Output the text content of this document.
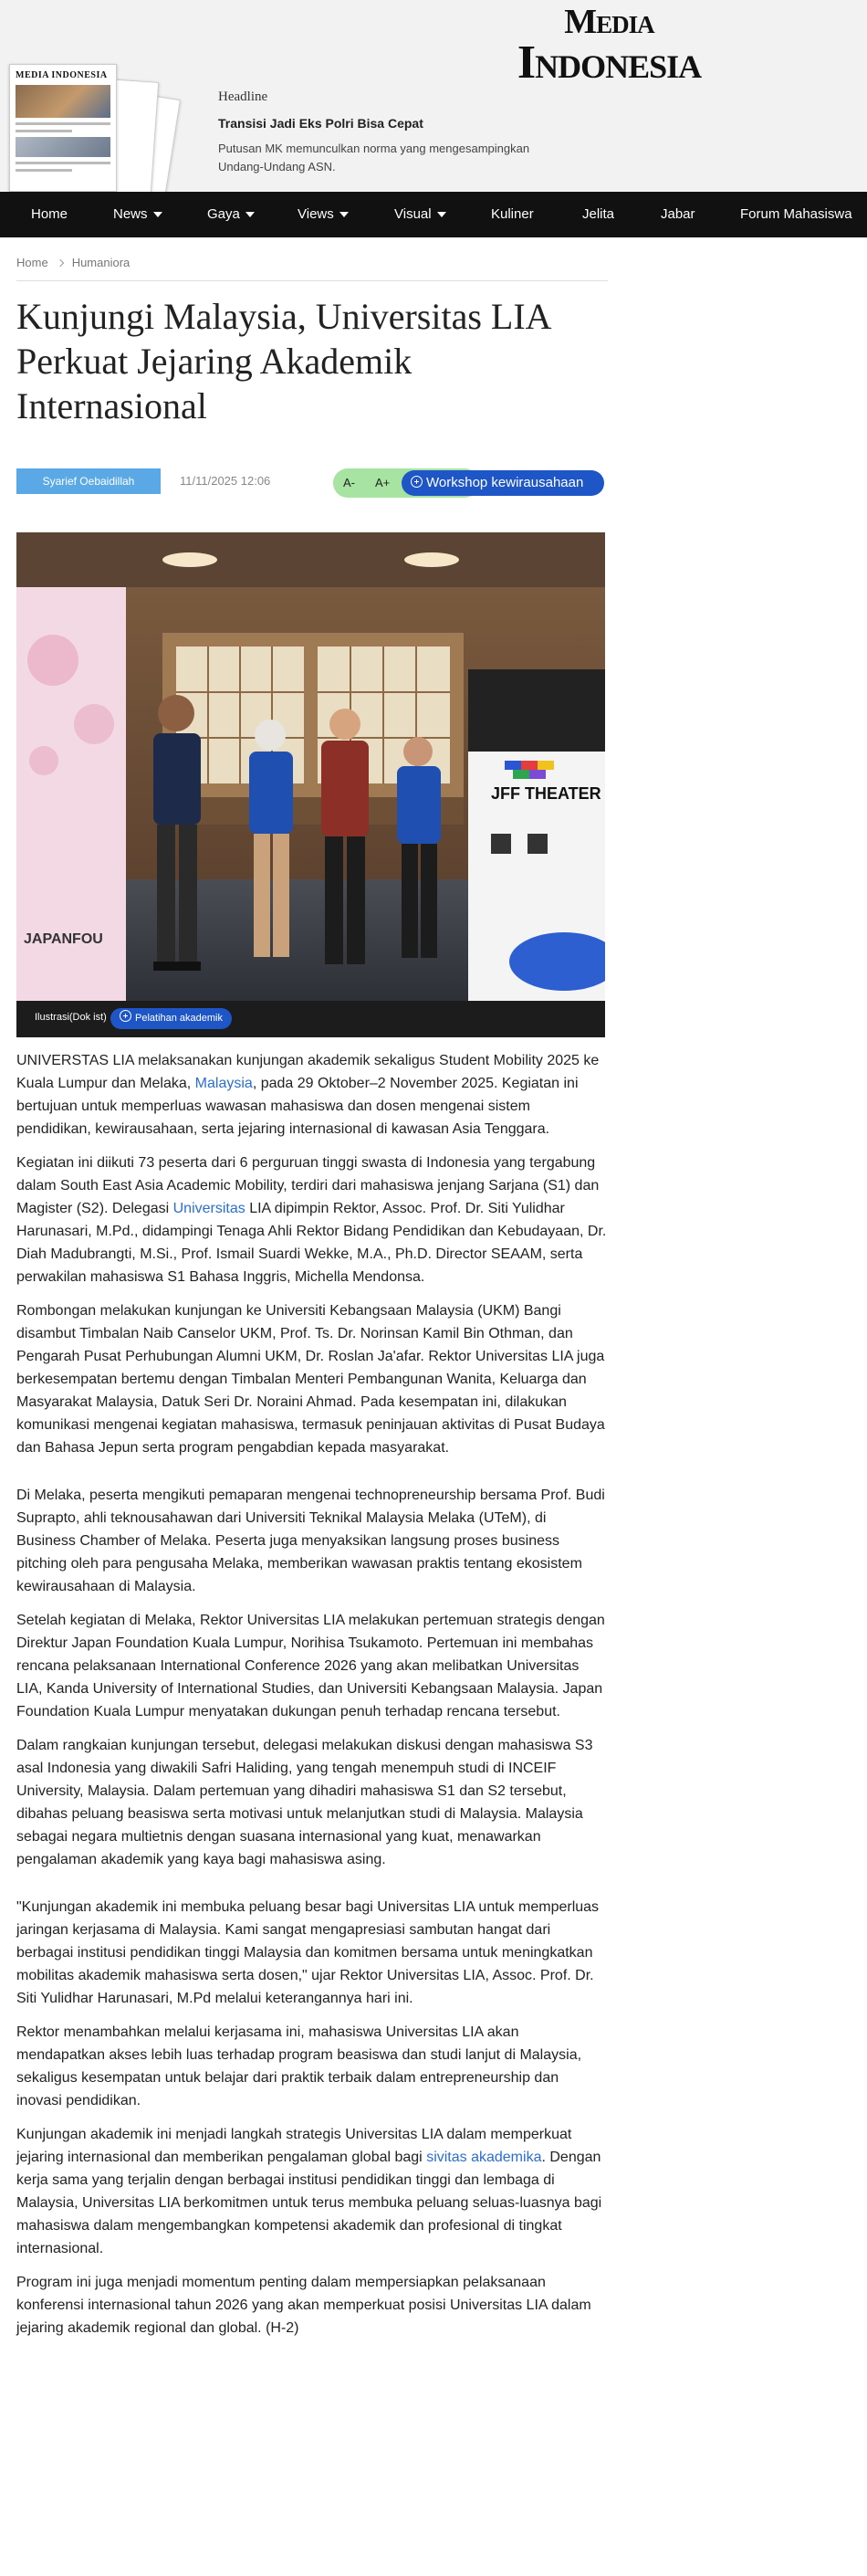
MEDIA INDONESIA
Headline
Transisi Jadi Eks Polri Bisa Cepat
Putusan MK memunculkan norma yang mengesampingkan Undang-Undang ASN.
Media
Indonesia
Home	News	Gaya	Views	Visual	Kuliner	Jelita	Jabar	Forum Mahasiswa
Home Humaniora
Kunjungi Malaysia, Universitas LIA Perkuat Jejaring Akademik Internasional
Syarief Oebaidillah	11/11/2025 12:06	A- A+	Workshop kewirausahaan
JAPANFOU
JFF THEATER
Ilustrasi(Dok ist)	Pelatihan akademik

UNIVERSTAS LIA melaksanakan kunjungan akademik sekaligus Student Mobility 2025 ke Kuala Lumpur dan Melaka, Malaysia, pada 29 Oktober–2 November 2025. Kegiatan ini bertujuan untuk memperluas wawasan mahasiswa dan dosen mengenai sistem pendidikan, kewirausahaan, serta jejaring internasional di kawasan Asia Tenggara.

Kegiatan ini diikuti 73 peserta dari 6 perguruan tinggi swasta di Indonesia yang tergabung dalam South East Asia Academic Mobility, terdiri dari mahasiswa jenjang Sarjana (S1) dan Magister (S2). Delegasi Universitas LIA dipimpin Rektor, Assoc. Prof. Dr. Siti Yulidhar Harunasari, M.Pd., didampingi Tenaga Ahli Rektor Bidang Pendidikan dan Kebudayaan, Dr. Diah Madubrangti, M.Si., Prof. Ismail Suardi Wekke, M.A., Ph.D. Director SEAAM, serta perwakilan mahasiswa S1 Bahasa Inggris, Michella Mendonsa.

Rombongan melakukan kunjungan ke Universiti Kebangsaan Malaysia (UKM) Bangi disambut Timbalan Naib Canselor UKM, Prof. Ts. Dr. Norinsan Kamil Bin Othman, dan Pengarah Pusat Perhubungan Alumni UKM, Dr. Roslan Ja'afar. Rektor Universitas LIA juga berkesempatan bertemu dengan Timbalan Menteri Pembangunan Wanita, Keluarga dan Masyarakat Malaysia, Datuk Seri Dr. Noraini Ahmad. Pada kesempatan ini, dilakukan komunikasi mengenai kegiatan mahasiswa, termasuk peninjauan aktivitas di Pusat Budaya dan Bahasa Jepun serta program pengabdian kepada masyarakat.

Di Melaka, peserta mengikuti pemaparan mengenai technopreneurship bersama Prof. Budi Suprapto, ahli teknousahawan dari Universiti Teknikal Malaysia Melaka (UTeM), di Business Chamber of Melaka. Peserta juga menyaksikan langsung proses business pitching oleh para pengusaha Melaka, memberikan wawasan praktis tentang ekosistem kewirausahaan di Malaysia.

Setelah kegiatan di Melaka, Rektor Universitas LIA melakukan pertemuan strategis dengan Direktur Japan Foundation Kuala Lumpur, Norihisa Tsukamoto. Pertemuan ini membahas rencana pelaksanaan International Conference 2026 yang akan melibatkan Universitas LIA, Kanda University of International Studies, dan Universiti Kebangsaan Malaysia. Japan Foundation Kuala Lumpur menyatakan dukungan penuh terhadap rencana tersebut.

Dalam rangkaian kunjungan tersebut, delegasi melakukan diskusi dengan mahasiswa S3 asal Indonesia yang diwakili Safri Haliding, yang tengah menempuh studi di INCEIF University, Malaysia. Dalam pertemuan yang dihadiri mahasiswa S1 dan S2 tersebut, dibahas peluang beasiswa serta motivasi untuk melanjutkan studi di Malaysia. Malaysia sebagai negara multietnis dengan suasana internasional yang kuat, menawarkan pengalaman akademik yang kaya bagi mahasiswa asing.

"Kunjungan akademik ini membuka peluang besar bagi Universitas LIA untuk memperluas jaringan kerjasama di Malaysia. Kami sangat mengapresiasi sambutan hangat dari berbagai institusi pendidikan tinggi Malaysia dan komitmen bersama untuk meningkatkan mobilitas akademik mahasiswa serta dosen," ujar Rektor Universitas LIA, Assoc. Prof. Dr. Siti Yulidhar Harunasari, M.Pd melalui keterangannya hari ini.

Rektor menambahkan melalui kerjasama ini, mahasiswa Universitas LIA akan mendapatkan akses lebih luas terhadap program beasiswa dan studi lanjut di Malaysia, sekaligus kesempatan untuk belajar dari praktik terbaik dalam entrepreneurship dan inovasi pendidikan.

Kunjungan akademik ini menjadi langkah strategis Universitas LIA dalam memperkuat jejaring internasional dan memberikan pengalaman global bagi sivitas akademika. Dengan kerja sama yang terjalin dengan berbagai institusi pendidikan tinggi dan lembaga di Malaysia, Universitas LIA berkomitmen untuk terus membuka peluang seluas-luasnya bagi mahasiswa dalam mengembangkan kompetensi akademik dan profesional di tingkat internasional.

Program ini juga menjadi momentum penting dalam mempersiapkan pelaksanaan konferensi internasional tahun 2026 yang akan memperkuat posisi Universitas LIA dalam jejaring akademik regional dan global. (H-2)
